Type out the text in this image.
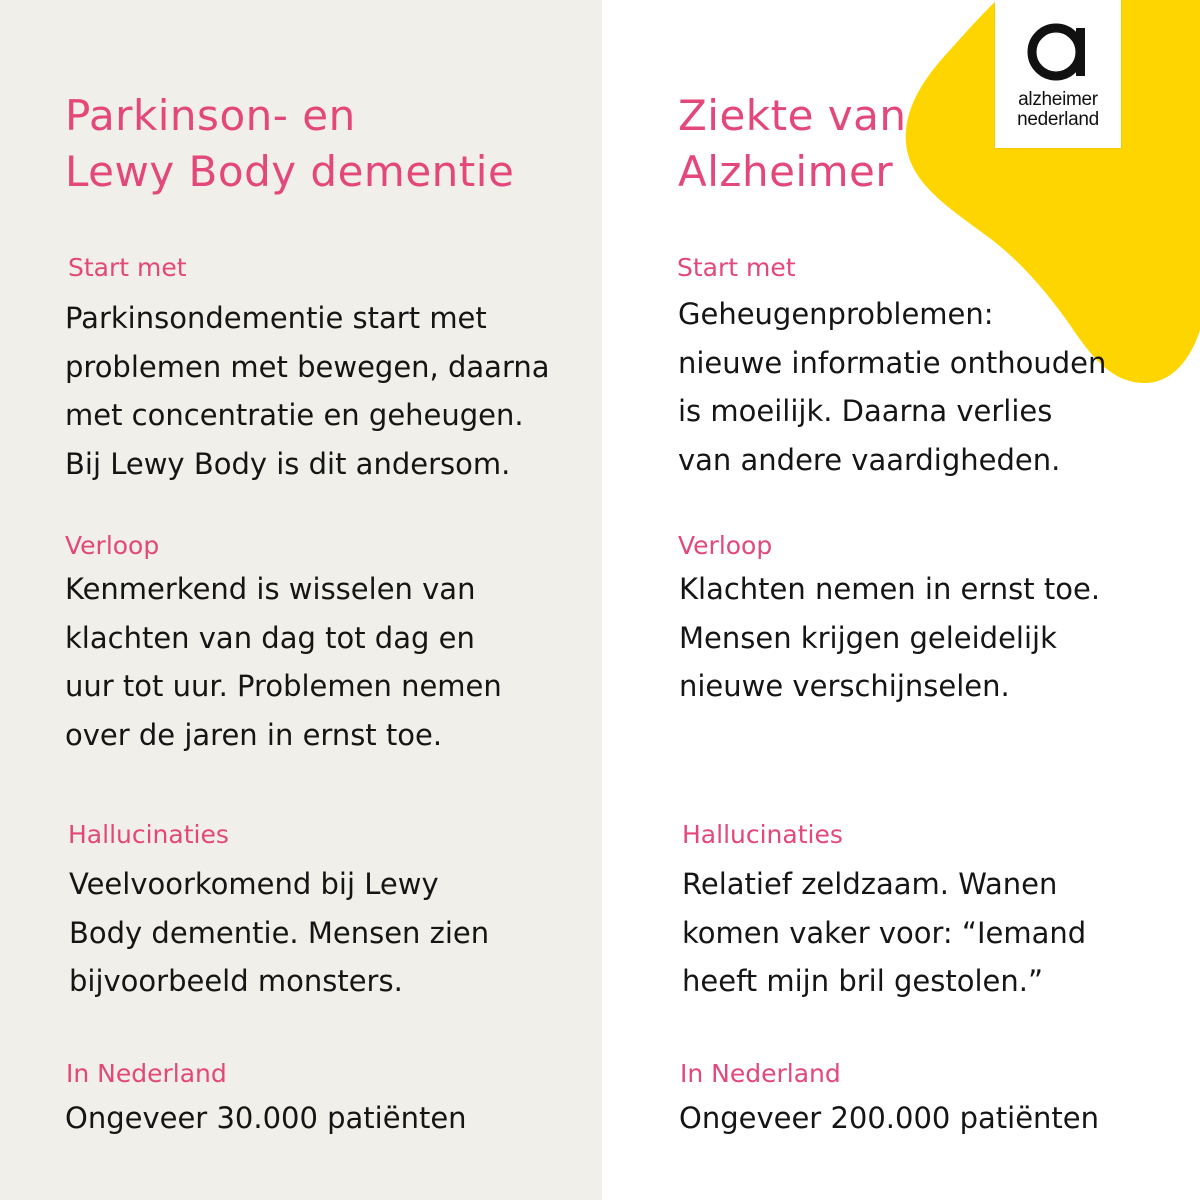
alzheimer
nederland
Parkinson- en
Lewy Body dementie
Start met

Parkinsondementie start met
problemen met bewegen, daarna
met concentratie en geheugen.
Bij Lewy Body is dit andersom.

Verloop

Kenmerkend is wisselen van
klachten van dag tot dag en
uur tot uur. Problemen nemen
over de jaren in ernst toe.

Hallucinaties

Veelvoorkomend bij Lewy
Body dementie. Mensen zien
bijvoorbeeld monsters.

In Nederland

Ongeveer 30.000 patiënten

Ziekte van
Alzheimer
Start met

Geheugenproblemen:
nieuwe informatie onthouden
is moeilijk. Daarna verlies
van andere vaardigheden.

Verloop

Klachten nemen in ernst toe.
Mensen krijgen geleidelijk
nieuwe verschijnselen.

Hallucinaties

Relatief zeldzaam. Wanen
komen vaker voor: “Iemand
heeft mijn bril gestolen.”

In Nederland

Ongeveer 200.000 patiënten
